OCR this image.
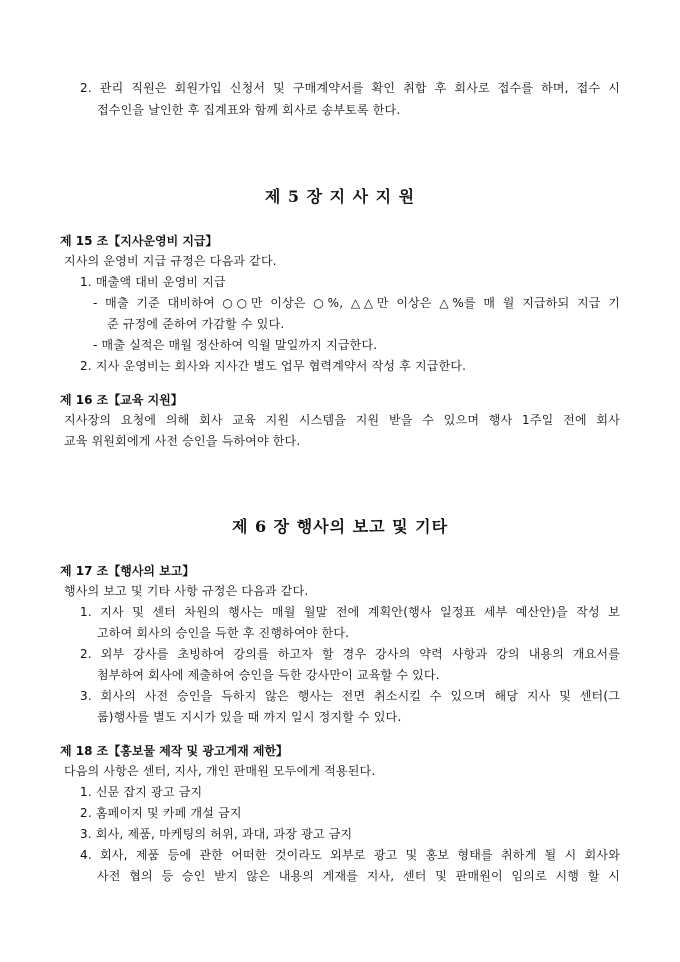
2. 관리 직원은 회원가입 신청서 및 구매계약서를 확인 취합 후 회사로 접수를 하며, 접수 시
접수인을 날인한 후 집계표와 함께 회사로 송부토록 한다.
제 5 장 지 사 지 원
제 15 조【지사운영비 지급】
지사의 운영비 지급 규정은 다음과 같다.
1. 매출액 대비 운영비 지급
- 매출 기준 대비하여 ○○만 이상은 ○%, △△만 이상은 △%를 매 월 지급하되 지급 기
준 규정에 준하여 가감할 수 있다.
- 매출 실적은 매월 정산하여 익월 말일까지 지급한다.
2. 지사 운영비는 회사와 지사간 별도 업무 협력계약서 작성 후 지급한다.
제 16 조【교육 지원】
지사장의 요청에 의해 회사 교육 지원 시스템을 지원 받을 수 있으며 행사 1주일 전에 회사
교육 위원회에게 사전 승인을 득하여야 한다.
제 6 장 행사의 보고 및 기타
제 17 조【행사의 보고】
행사의 보고 및 기타 사항 규정은 다음과 같다.
1. 지사 및 센터 차원의 행사는 매월 월말 전에 계획안(행사 일정표 세부 예산안)을 작성 보
고하여 회사의 승인을 득한 후 진행하여야 한다.
2. 외부 강사를 초빙하여 강의를 하고자 할 경우 강사의 약력 사항과 강의 내용의 개요서를
첨부하여 회사에 제출하여 승인을 득한 강사만이 교육할 수 있다.
3. 회사의 사전 승인을 득하지 않은 행사는 전면 취소시킬 수 있으며 해당 지사 및 센터(그
룹)행사를 별도 지시가 있을 때 까지 일시 정지할 수 있다.
제 18 조【홍보물 제작 및 광고게재 제한】
다음의 사항은 센터, 지사, 개인 판매원 모두에게 적용된다.
1. 신문 잡지 광고 금지
2. 홈페이지 및 카페 개설 금지
3. 회사, 제품, 마케팅의 허위, 과대, 과장 광고 금지
4. 회사, 제품 등에 관한 어떠한 것이라도 외부로 광고 및 홍보 형태를 취하게 될 시 회사와
사전 협의 등 승인 받지 않은 내용의 게재를 지사, 센터 및 판매원이 임의로 시행 할 시
